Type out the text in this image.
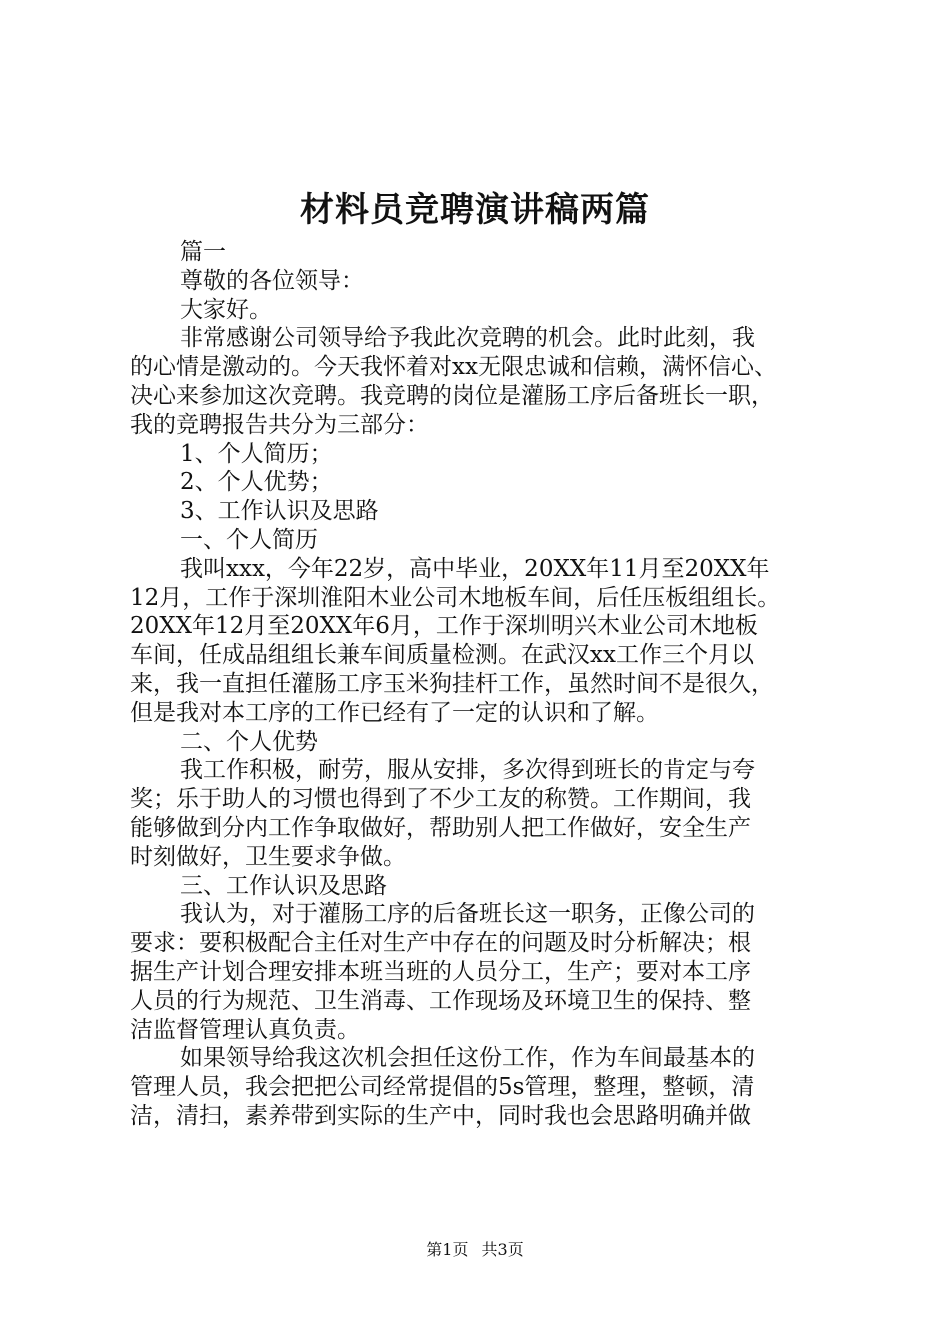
材料员竞聘演讲稿两篇
篇一
尊敬的各位领导：
大家好。
非常感谢公司领导给予我此次竞聘的机会。此时此刻，我
的心情是激动的。今天我怀着对xx无限忠诚和信赖，满怀信心、
决心来参加这次竞聘。我竞聘的岗位是灌肠工序后备班长一职，
我的竞聘报告共分为三部分：
1、个人简历；
2、个人优势；
3、工作认识及思路
一、个人简历
我叫xxx，今年22岁，高中毕业，20XX年11月至20XX年
12月，工作于深圳淮阳木业公司木地板车间，后任压板组组长。
20XX年12月至20XX年6月，工作于深圳明兴木业公司木地板
车间，任成品组组长兼车间质量检测。在武汉xx工作三个月以
来，我一直担任灌肠工序玉米狗挂杆工作，虽然时间不是很久，
但是我对本工序的工作已经有了一定的认识和了解。
二、个人优势
我工作积极，耐劳，服从安排，多次得到班长的肯定与夸
奖；乐于助人的习惯也得到了不少工友的称赞。工作期间，我
能够做到分内工作争取做好，帮助别人把工作做好，安全生产
时刻做好，卫生要求争做。
三、工作认识及思路
我认为，对于灌肠工序的后备班长这一职务，正像公司的
要求：要积极配合主任对生产中存在的问题及时分析解决；根
据生产计划合理安排本班当班的人员分工，生产；要对本工序
人员的行为规范、卫生消毒、工作现场及环境卫生的保持、整
洁监督管理认真负责。
如果领导给我这次机会担任这份工作，作为车间最基本的
管理人员，我会把把公司经常提倡的5s管理，整理，整顿，清
洁，清扫，素养带到实际的生产中，同时我也会思路明确并做
第1页 共3页
